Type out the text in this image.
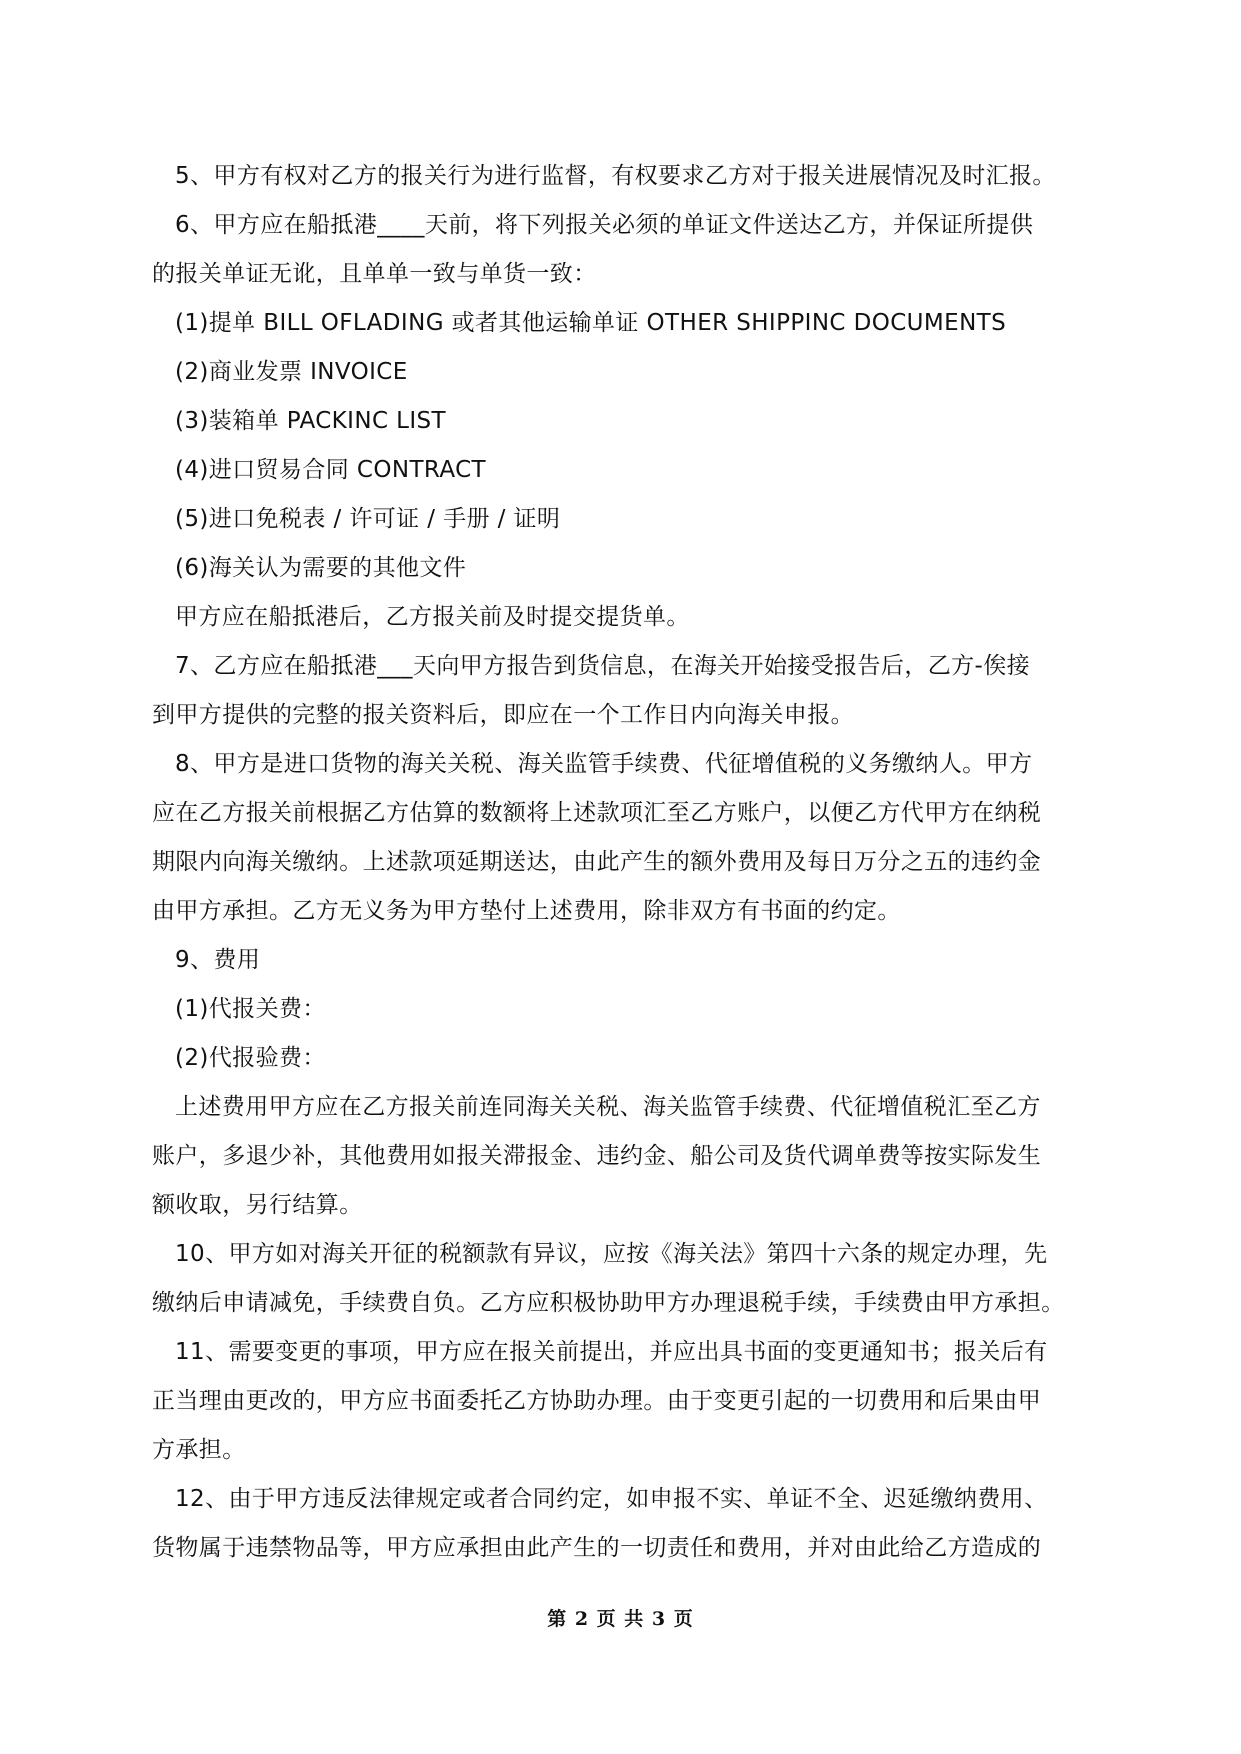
5、甲方有权对乙方的报关行为进行监督，有权要求乙方对于报关进展情况及时汇报。
6、甲方应在船抵港____天前，将下列报关必须的单证文件送达乙方，并保证所提供
的报关单证无讹，且单单一致与单货一致：
(1)提单 BILL OFLADING 或者其他运输单证 OTHER SHIPPINC DOCUMENTS
(2)商业发票 INVOICE
(3)装箱单 PACKINC LIST
(4)进口贸易合同 CONTRACT
(5)进口免税表 / 许可证 / 手册 / 证明
(6)海关认为需要的其他文件
甲方应在船抵港后，乙方报关前及时提交提货单。
7、乙方应在船抵港___天向甲方报告到货信息，在海关开始接受报告后，乙方-俟接
到甲方提供的完整的报关资料后，即应在一个工作日内向海关申报。
8、甲方是进口货物的海关关税、海关监管手续费、代征增值税的义务缴纳人。甲方
应在乙方报关前根据乙方估算的数额将上述款项汇至乙方账户，以便乙方代甲方在纳税
期限内向海关缴纳。上述款项延期送达，由此产生的额外费用及每日万分之五的违约金
由甲方承担。乙方无义务为甲方垫付上述费用，除非双方有书面的约定。
9、费用
(1)代报关费：
(2)代报验费：
上述费用甲方应在乙方报关前连同海关关税、海关监管手续费、代征增值税汇至乙方
账户，多退少补，其他费用如报关滞报金、违约金、船公司及货代调单费等按实际发生
额收取，另行结算。
10、甲方如对海关开征的税额款有异议，应按《海关法》第四十六条的规定办理，先
缴纳后申请减免，手续费自负。乙方应积极协助甲方办理退税手续，手续费由甲方承担。
11、需要变更的事项，甲方应在报关前提出，并应出具书面的变更通知书；报关后有
正当理由更改的，甲方应书面委托乙方协助办理。由于变更引起的一切费用和后果由甲
方承担。
12、由于甲方违反法律规定或者合同约定，如申报不实、单证不全、迟延缴纳费用、
货物属于违禁物品等，甲方应承担由此产生的一切责任和费用，并对由此给乙方造成的
第 2 页 共 3 页
